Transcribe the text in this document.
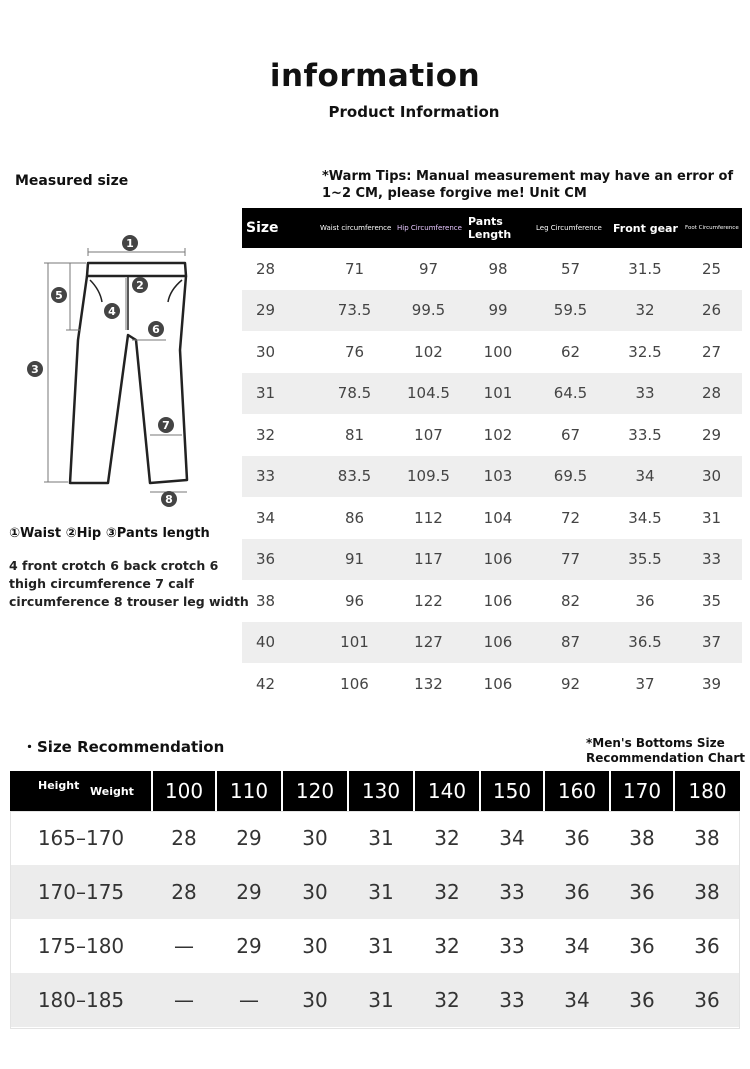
information
Product Information
Measured size	*Warm Tips: Manual measurement may have an error of 1~2 CM, please forgive me! Unit CM
1
2
3
4
5
6
7
8
①Waist ②Hip ③Pants length
4 front crotch 6 back crotch 6 thigh circumference 7 calf circumference 8 trouser leg width
Size	Waist circumference	Hip Circumference	Pants Length	Leg Circumference	Front gear	Foot Circumference
28	71	97	98	57	31.5	25
29	73.5	99.5	99	59.5	32	26
30	76	102	100	62	32.5	27
31	78.5	104.5	101	64.5	33	28
32	81	107	102	67	33.5	29
33	83.5	109.5	103	69.5	34	30
34	86	112	104	72	34.5	31
36	91	117	106	77	35.5	33
38	96	122	106	82	36	35
40	101	127	106	87	36.5	37
42	106	132	106	92	37	39
・Size Recommendation	*Men's Bottoms Size Recommendation Chart
Height Weight	100	110	120	130	140	150	160	170	180
165–170	28	29	30	31	32	34	36	38	38
170–175	28	29	30	31	32	33	36	36	38
175–180	—	29	30	31	32	33	34	36	36
180–185	—	—	30	31	32	33	34	36	36
